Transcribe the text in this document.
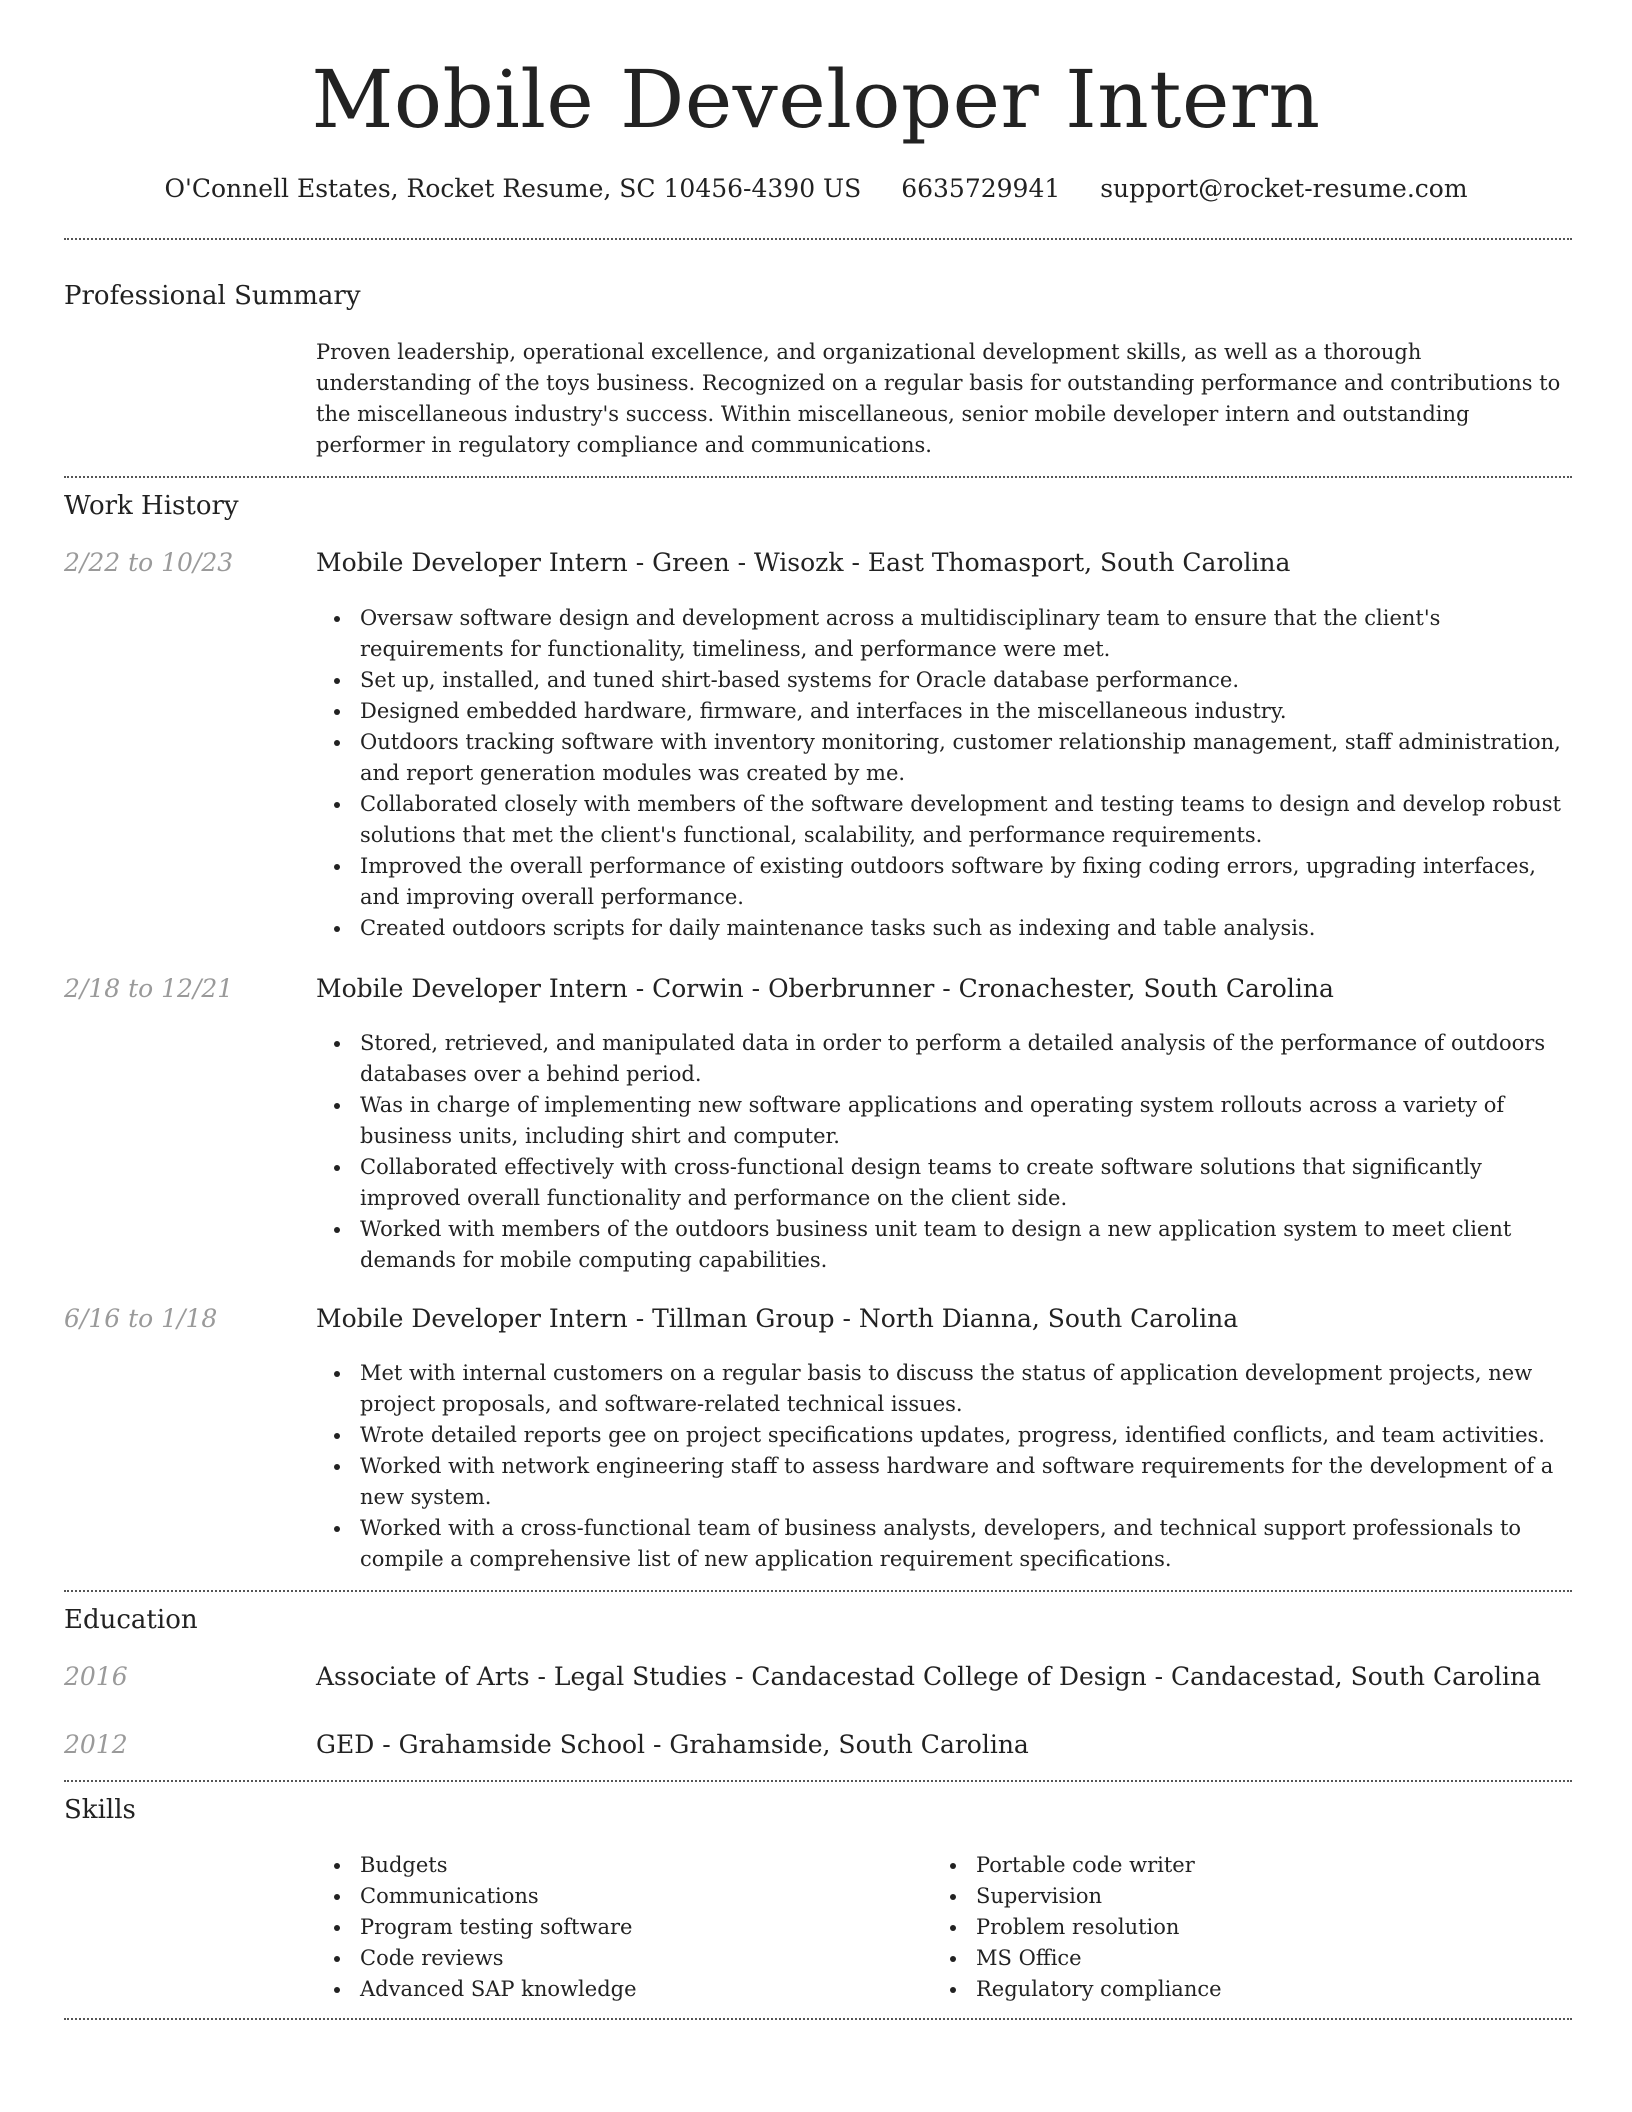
Mobile Developer Intern
O'Connell Estates, Rocket Resume, SC 10456-4390 US 6635729941 support@rocket-resume.com
Professional Summary
Proven leadership, operational excellence, and organizational development skills, as well as a thorough understanding of the toys business. Recognized on a regular basis for outstanding performance and contributions to the miscellaneous industry's success. Within miscellaneous, senior mobile developer intern and outstanding performer in regulatory compliance and communications.
Work History
2/22 to 10/23	Mobile Developer Intern - Green - Wisozk - East Thomasport, South Carolina
Oversaw software design and development across a multidisciplinary team to ensure that the client's requirements for functionality, timeliness, and performance were met.
Set up, installed, and tuned shirt-based systems for Oracle database performance.
Designed embedded hardware, firmware, and interfaces in the miscellaneous industry.
Outdoors tracking software with inventory monitoring, customer relationship management, staff administration, and report generation modules was created by me.
Collaborated closely with members of the software development and testing teams to design and develop robust solutions that met the client's functional, scalability, and performance requirements.
Improved the overall performance of existing outdoors software by fixing coding errors, upgrading interfaces, and improving overall performance.
Created outdoors scripts for daily maintenance tasks such as indexing and table analysis.
2/18 to 12/21	Mobile Developer Intern - Corwin - Oberbrunner - Cronachester, South Carolina
Stored, retrieved, and manipulated data in order to perform a detailed analysis of the performance of outdoors databases over a behind period.
Was in charge of implementing new software applications and operating system rollouts across a variety of business units, including shirt and computer.
Collaborated effectively with cross-functional design teams to create software solutions that significantly improved overall functionality and performance on the client side.
Worked with members of the outdoors business unit team to design a new application system to meet client demands for mobile computing capabilities.
6/16 to 1/18	Mobile Developer Intern - Tillman Group - North Dianna, South Carolina
Met with internal customers on a regular basis to discuss the status of application development projects, new project proposals, and software-related technical issues.
Wrote detailed reports gee on project specifications updates, progress, identified conflicts, and team activities.
Worked with network engineering staff to assess hardware and software requirements for the development of a new system.
Worked with a cross-functional team of business analysts, developers, and technical support professionals to compile a comprehensive list of new application requirement specifications.
Education
2016	Associate of Arts - Legal Studies - Candacestad College of Design - Candacestad, South Carolina
2012	GED - Grahamside School - Grahamside, South Carolina
Skills
Budgets
Communications
Program testing software
Code reviews
Advanced SAP knowledge
Portable code writer
Supervision
Problem resolution
MS Office
Regulatory compliance
